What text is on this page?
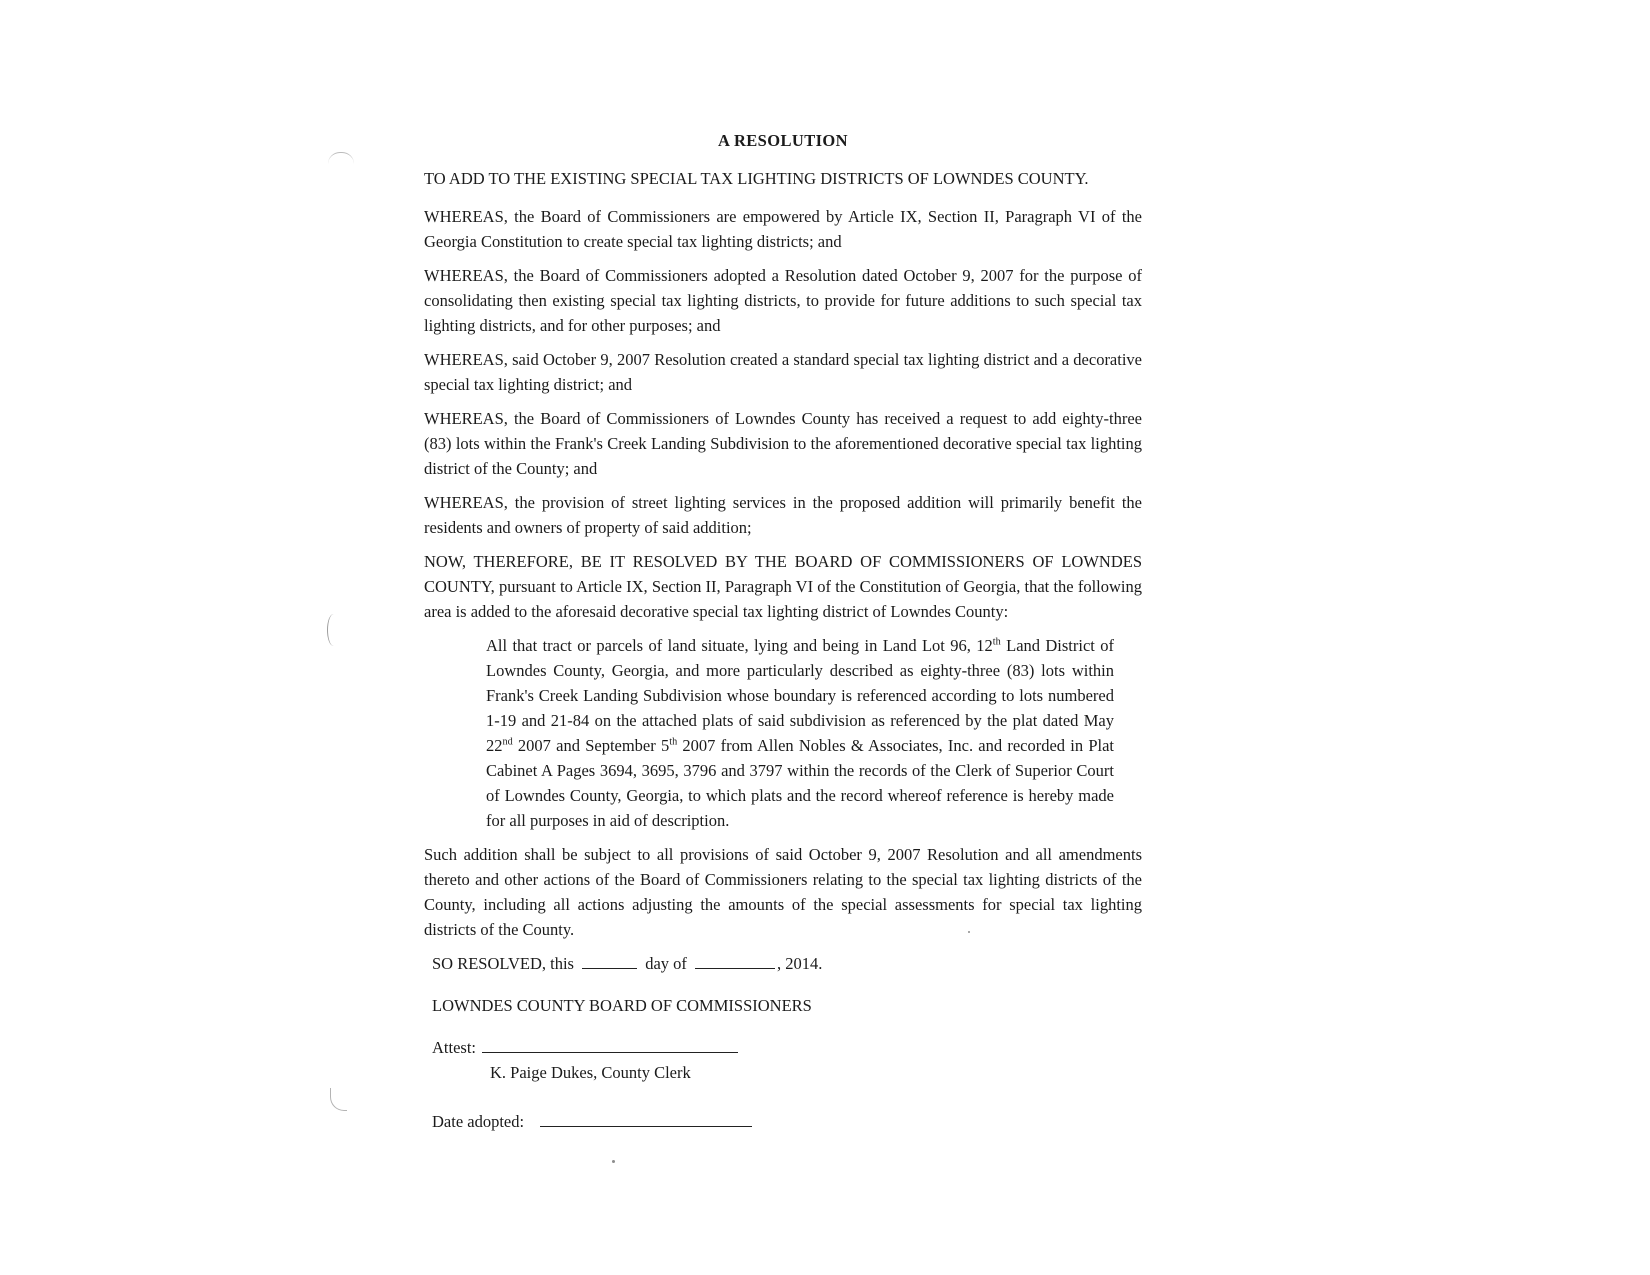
A RESOLUTION

TO ADD TO THE EXISTING SPECIAL TAX LIGHTING DISTRICTS OF LOWNDES COUNTY.

WHEREAS, the Board of Commissioners are empowered by Article IX, Section II, Paragraph VI of the Georgia Constitution to create special tax lighting districts; and

WHEREAS, the Board of Commissioners adopted a Resolution dated October 9, 2007 for the purpose of consolidating then existing special tax lighting districts, to provide for future additions to such special tax lighting districts, and for other purposes; and

WHEREAS, said October 9, 2007 Resolution created a standard special tax lighting district and a decorative special tax lighting district; and

WHEREAS, the Board of Commissioners of Lowndes County has received a request to add eighty-three (83) lots within the Frank's Creek Landing Subdivision to the aforementioned decorative special tax lighting district of the County; and

WHEREAS, the provision of street lighting services in the proposed addition will primarily benefit the residents and owners of property of said addition;

NOW, THEREFORE, BE IT RESOLVED BY THE BOARD OF COMMISSIONERS OF LOWNDES COUNTY, pursuant to Article IX, Section II, Paragraph VI of the Constitution of Georgia, that the following area is added to the aforesaid decorative special tax lighting district of Lowndes County:

All that tract or parcels of land situate, lying and being in Land Lot 96, 12th Land District of Lowndes County, Georgia, and more particularly described as eighty-three (83) lots within Frank's Creek Landing Subdivision whose boundary is referenced according to lots numbered 1-19 and 21-84 on the attached plats of said subdivision as referenced by the plat dated May 22nd 2007 and September 5th 2007 from Allen Nobles & Associates, Inc. and recorded in Plat Cabinet A Pages 3694, 3695, 3796 and 3797 within the records of the Clerk of Superior Court of Lowndes County, Georgia, to which plats and the record whereof reference is hereby made for all purposes in aid of description.

Such addition shall be subject to all provisions of said October 9, 2007 Resolution and all amendments thereto and other actions of the Board of Commissioners relating to the special tax lighting districts of the County, including all actions adjusting the amounts of the special assessments for special tax lighting districts of the County.

SO RESOLVED, this	day of	, 2014.

LOWNDES COUNTY BOARD OF COMMISSIONERS

Attest:
K. Paige Dukes, County Clerk
Date adopted:
